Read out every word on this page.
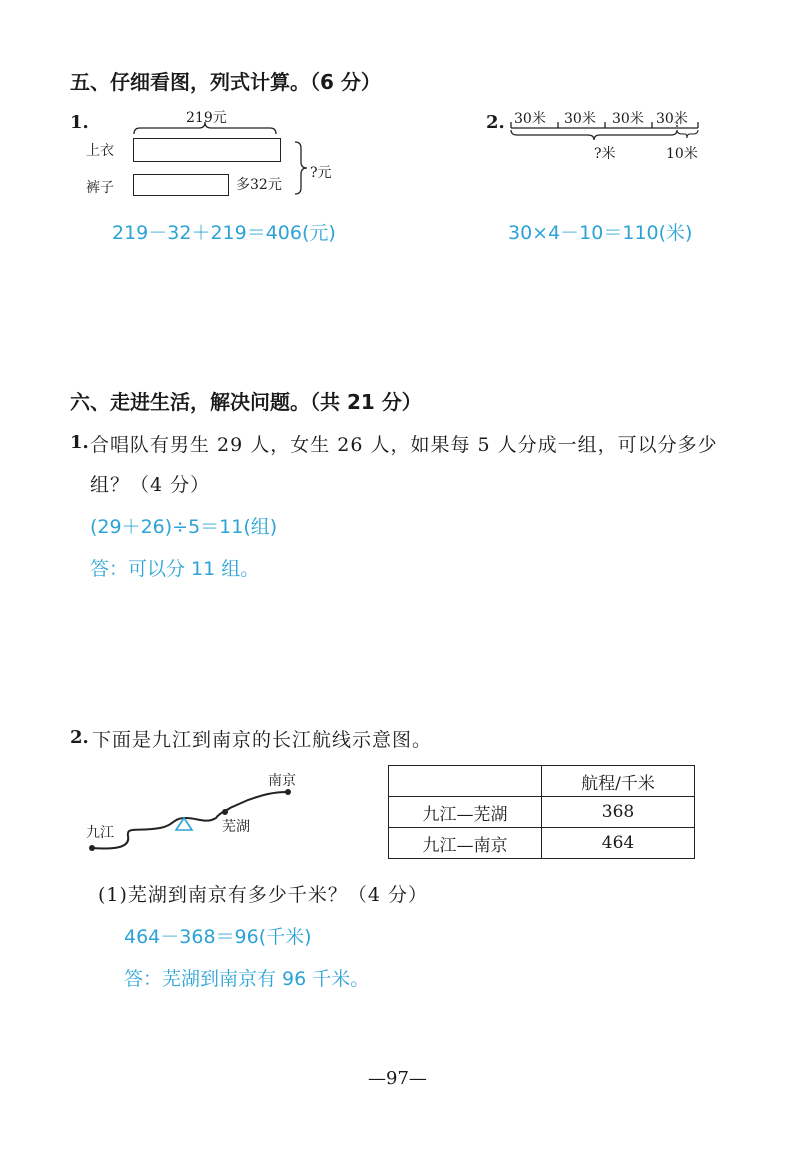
五、仔细看图，列式计算。（6 分）
1.	219元
上衣
裤子	多32元
?元
219－32＋219＝406(元)
2. 30米 30米 30米 30米
?米	10米
30×4－10＝110(米)
六、走进生活，解决问题。（共 21 分）
1. 合唱队有男生 29 人，女生 26 人，如果每 5 人分成一组，可以分多少
组？（4 分）
(29＋26)÷5＝11(组)
答：可以分 11 组。
2. 下面是九江到南京的长江航线示意图。
九江	芜湖
南京
		航程/千米
九江—芜湖	368
九江—南京	464
(1)芜湖到南京有多少千米？（4 分）
464－368＝96(千米)
答：芜湖到南京有 96 千米。
—97—
